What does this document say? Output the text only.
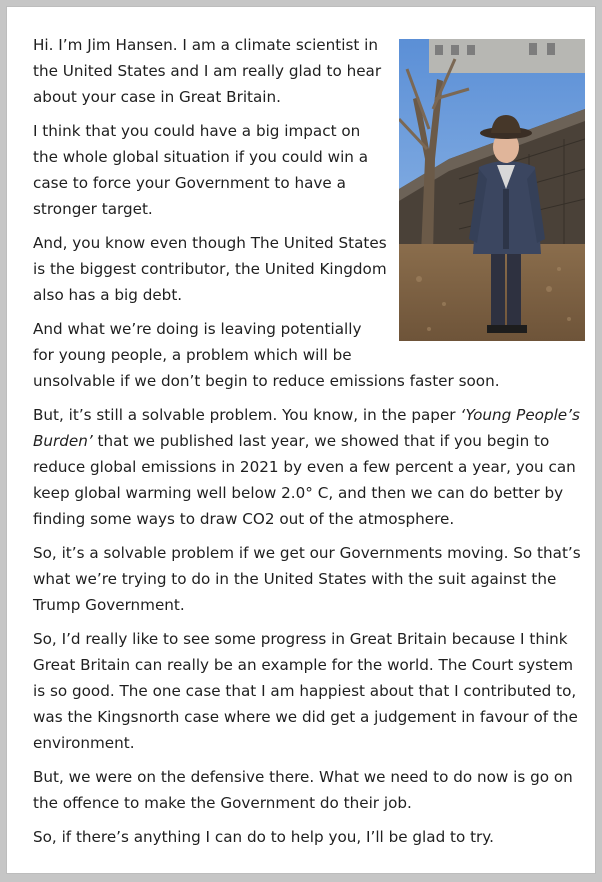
Hi. I’m Jim Hansen. I am a climate scientist in the United States and I am really glad to hear about your case in Great Britain.

I think that you could have a big impact on the whole global situation if you could win a case to force your Government to have a stronger target.

And, you know even though The United States is the biggest contributor, the United Kingdom also has a big debt.

And what we’re doing is leaving potentially for young people, a problem which will be unsolvable if we don’t begin to reduce emissions faster soon.

But, it’s still a solvable problem. You know, in the paper ‘Young People’s Burden’ that we published last year, we showed that if you begin to reduce global emissions in 2021 by even a few percent a year, you can keep global warming well below 2.0° C, and then we can do better by finding some ways to draw CO2 out of the atmosphere.

So, it’s a solvable problem if we get our Governments moving. So that’s what we’re trying to do in the United States with the suit against the Trump Government.

So, I’d really like to see some progress in Great Britain because I think Great Britain can really be an example for the world. The Court system is so good. The one case that I am happiest about that I contributed to, was the Kingsnorth case where we did get a judgement in favour of the environment.

But, we were on the defensive there. What we need to do now is go on the offence to make the Government do their job.

So, if there’s anything I can do to help you, I’ll be glad to try.
